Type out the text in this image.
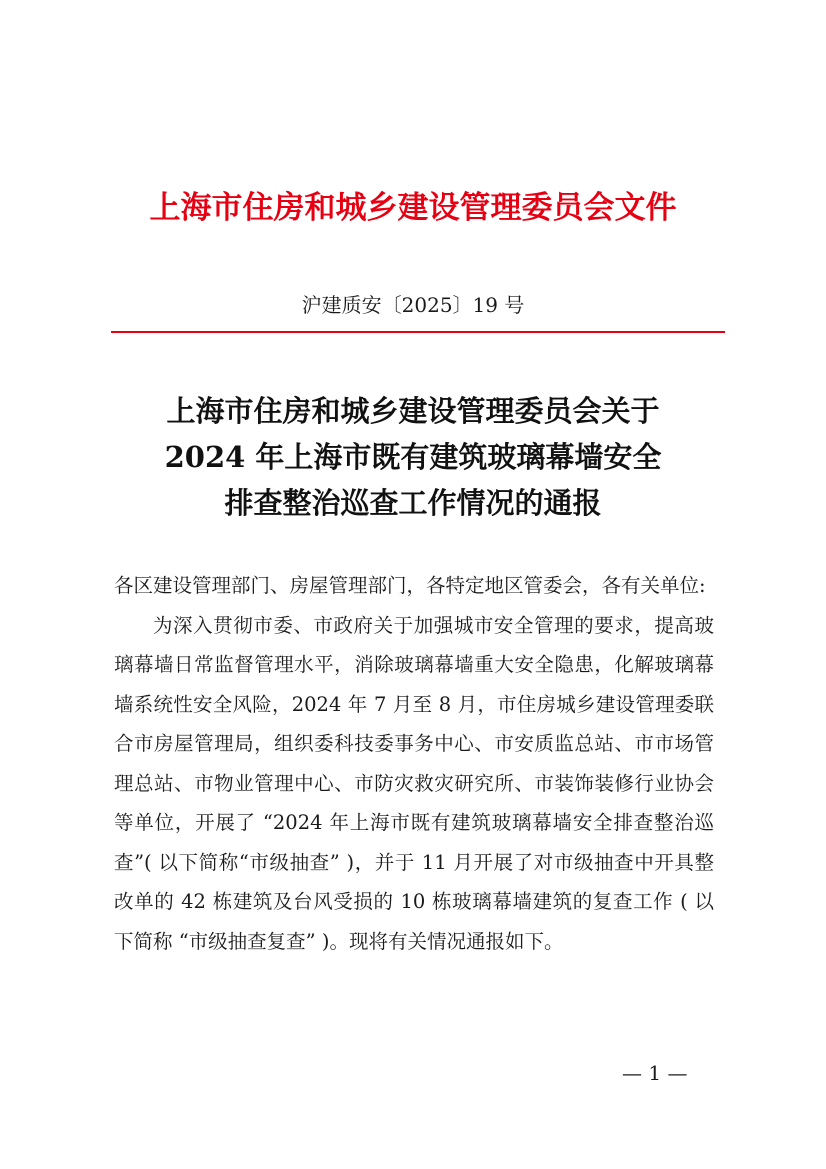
上海市住房和城乡建设管理委员会文件
沪建质安〔2025〕19 号
上海市住房和城乡建设管理委员会关于
2024 年上海市既有建筑玻璃幕墙安全
排查整治巡查工作情况的通报

各区建设管理部门、房屋管理部门，各特定地区管委会，各有关单位:

为深入贯彻市委、市政府关于加强城市安全管理的要求，提高玻璃幕墙日常监督管理水平，消除玻璃幕墙重大安全隐患，化解玻璃幕墙系统性安全风险，2024 年 7 月至 8 月，市住房城乡建设管理委联合市房屋管理局，组织委科技委事务中心、市安质监总站、市市场管理总站、市物业管理中心、市防灾救灾研究所、市装饰装修行业协会等单位，开展了 “2024 年上海市既有建筑玻璃幕墙安全排查整治巡查”( 以下简称“市级抽查” )，并于 11 月开展了对市级抽查中开具整改单的 42 栋建筑及台风受损的 10 栋玻璃幕墙建筑的复查工作 ( 以下简称 “市级抽查复查” )。现将有关情况通报如下。

— 1 —
